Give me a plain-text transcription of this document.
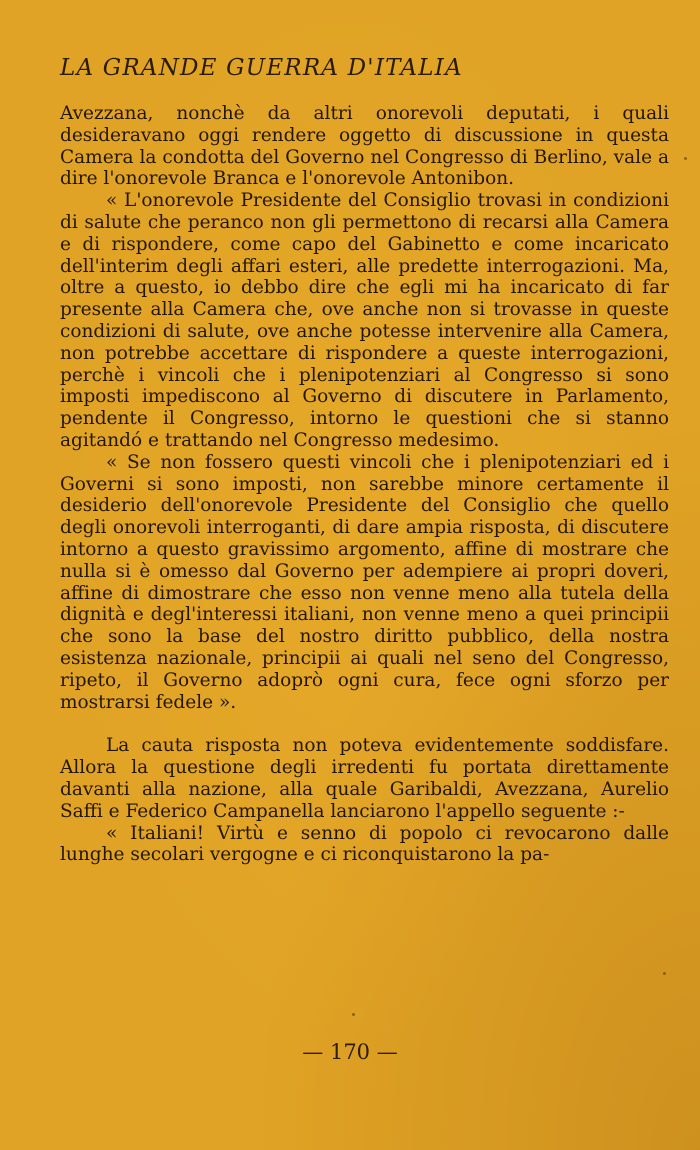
LA GRANDE GUERRA D'ITALIA

Avezzana, nonchè da altri onorevoli deputati, i quali desideravano oggi rendere oggetto di discussione in questa Camera la condotta del Governo nel Congresso di Berlino, vale a dire l'onorevole Branca e l'onorevole Antonibon.

« L'onorevole Presidente del Consiglio trovasi in condizioni di salute che peranco non gli permettono di recarsi alla Camera e di rispondere, come capo del Gabinetto e come incaricato dell'interim degli affari esteri, alle predette interrogazioni. Ma, oltre a questo, io debbo dire che egli mi ha incaricato di far presente alla Camera che, ove anche non si trovasse in queste condizioni di salute, ove anche potesse intervenire alla Camera, non potrebbe accettare di rispondere a queste interrogazioni, perchè i vincoli che i plenipotenziari al Congresso si sono imposti impediscono al Governo di discutere in Parlamento, pendente il Congresso, intorno le questioni che si stanno agitandó e trattando nel Congresso medesimo.

« Se non fossero questi vincoli che i plenipotenziari ed i Governi si sono imposti, non sarebbe minore certamente il desiderio dell'onorevole Presidente del Consiglio che quello degli onorevoli interroganti, di dare ampia risposta, di discutere intorno a questo gravissimo argomento, affine di mostrare che nulla si è omesso dal Governo per adempiere ai propri doveri, affine di dimostrare che esso non venne meno alla tutela della dignità e degl'interessi italiani, non venne meno a quei principii che sono la base del nostro diritto pubblico, della nostra esistenza nazionale, principii ai quali nel seno del Congresso, ripeto, il Governo adoprò ogni cura, fece ogni sforzo per mostrarsi fedele ».

La cauta risposta non poteva evidentemente soddisfare. Allora la questione degli irredenti fu portata direttamente davanti alla nazione, alla quale Garibaldi, Avezzana, Aurelio Saffi e Federico Campanella lanciarono l'appello seguente :-

« Italiani! Virtù e senno di popolo ci revocarono dalle lunghe secolari vergogne e ci riconquistarono la pa-

— 170 —
